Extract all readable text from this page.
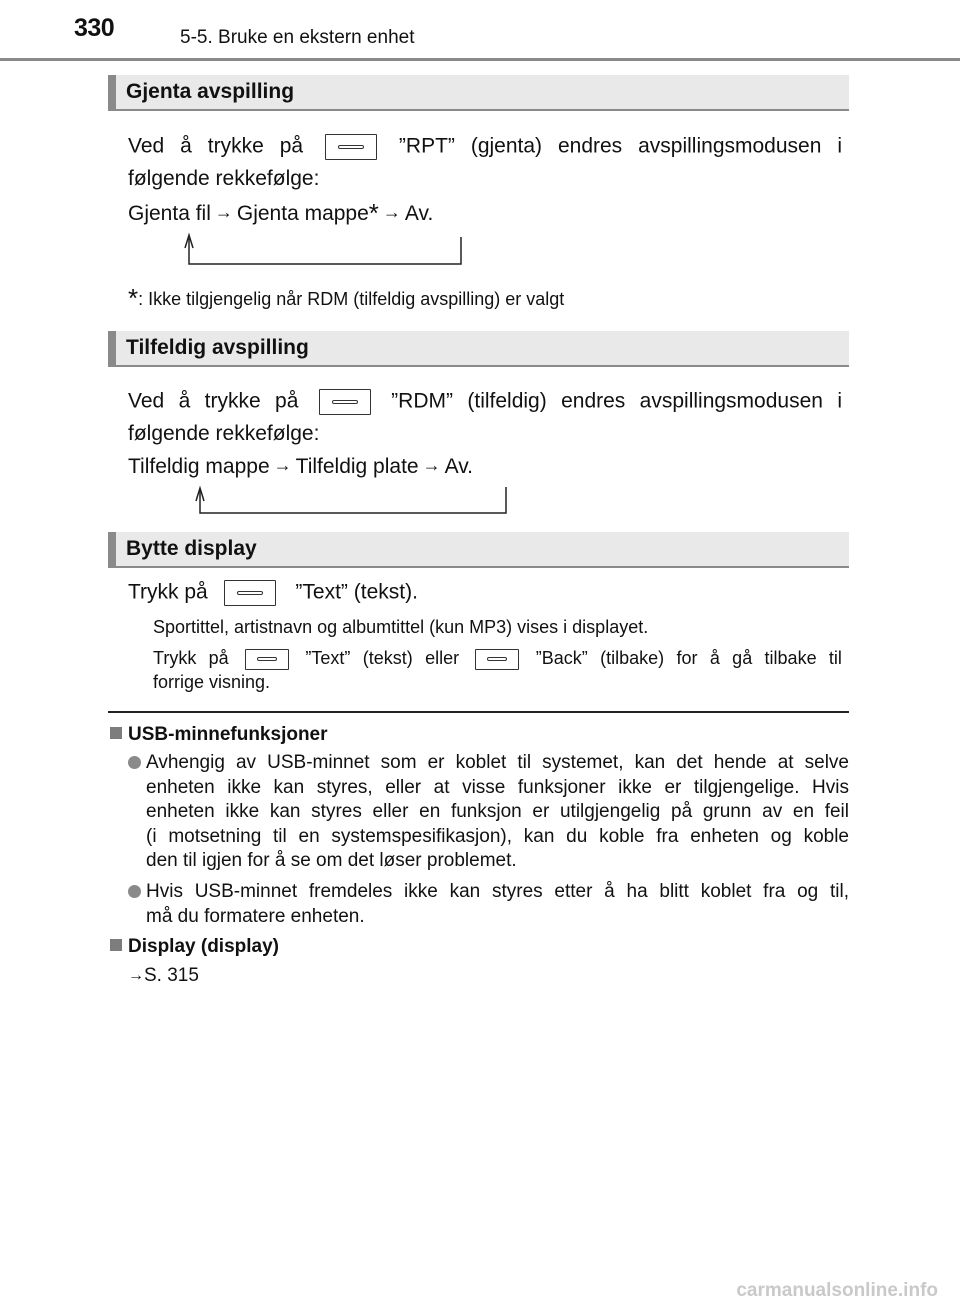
330	5-5. Bruke en ekstern enhet
Gjenta avspilling
Ved å trykke på	”RPT” (gjenta) endres avspillingsmodusen i
følgende rekkefølge:
Gjenta fil → Gjenta mappe* → Av.
*: Ikke tilgjengelig når RDM (tilfeldig avspilling) er valgt
Tilfeldig avspilling
Ved å trykke på	”RDM” (tilfeldig) endres avspillingsmodusen i
følgende rekkefølge:
Tilfeldig mappe → Tilfeldig plate → Av.
Bytte display
Trykk på	”Text” (tekst).
Sportittel, artistnavn og albumtittel (kun MP3) vises i displayet.
Trykk på	”Text” (tekst) eller	”Back” (tilbake) for å gå tilbake til
forrige visning.
USB-minnefunksjoner
Avhengig av USB-minnet som er koblet til systemet, kan det hende at selve
enheten ikke kan styres, eller at visse funksjoner ikke er tilgjengelige. Hvis
enheten ikke kan styres eller en funksjon er utilgjengelig på grunn av en feil
(i motsetning til en systemspesifikasjon), kan du koble fra enheten og koble
den til igjen for å se om det løser problemet.
Hvis USB-minnet fremdeles ikke kan styres etter å ha blitt koblet fra og til,
må du formatere enheten.
Display (display)
→S. 315
carmanualsonline.info
